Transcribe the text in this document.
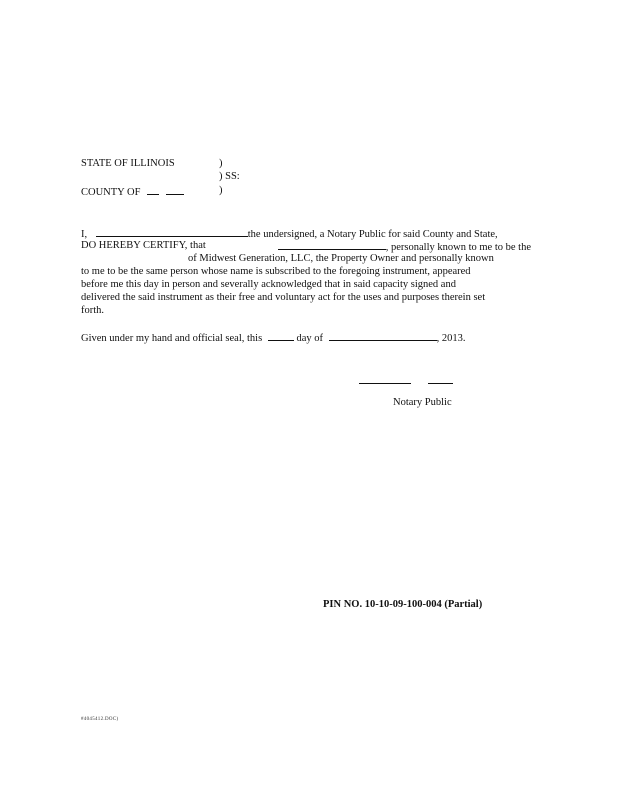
STATE OF ILLINOIS	)
) SS:
COUNTY OF	)
I,	the undersigned, a Notary Public for said County and State,
DO HEREBY CERTIFY, that	, personally known to me to be the
of Midwest Generation, LLC, the Property Owner and personally known
to me to be the same person whose name is subscribed to the foregoing instrument, appeared
before me this day in person and severally acknowledged that in said capacity signed and
delivered the said instrument as their free and voluntary act for the uses and purposes therein set
forth.
Given under my hand and official seal, this	day of	, 2013.
Notary Public
PIN NO. 10-10-09-100-004 (Partial)
#4045412.DOC)
